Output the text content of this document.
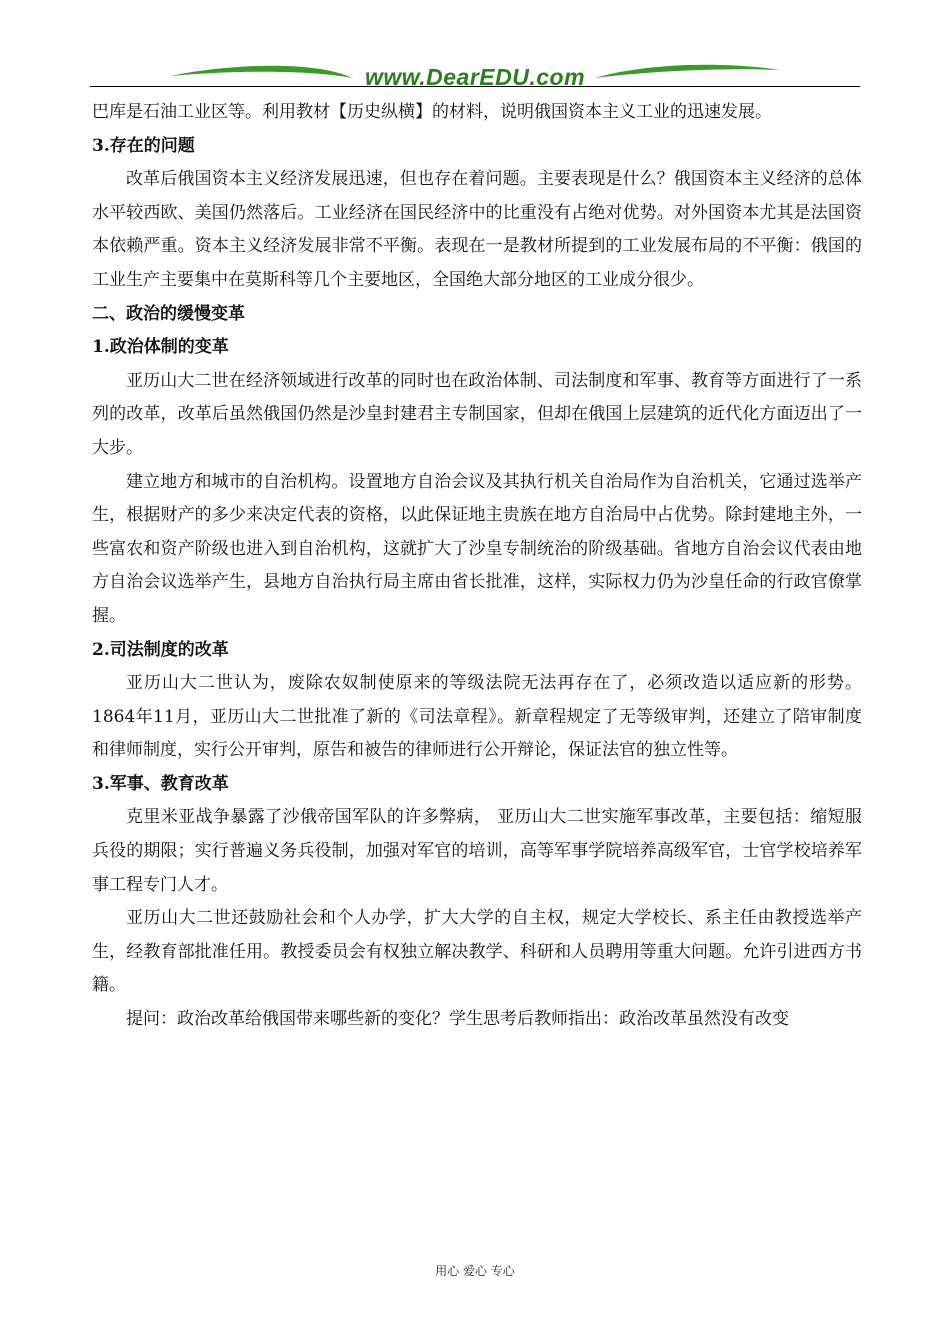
www.DearEDU.com

巴库是石油工业区等。利用教材【历史纵横】的材料，说明俄国资本主义工业的迅速发展。

3.存在的问题

改革后俄国资本主义经济发展迅速，但也存在着问题。主要表现是什么？俄国资本主义经济的总体水平较西欧、美国仍然落后。工业经济在国民经济中的比重没有占绝对优势。对外国资本尤其是法国资本依赖严重。资本主义经济发展非常不平衡。表现在一是教材所提到的工业发展布局的不平衡：俄国的工业生产主要集中在莫斯科等几个主要地区，全国绝大部分地区的工业成分很少。

二、政治的缓慢变革

1.政治体制的变革

亚历山大二世在经济领域进行改革的同时也在政治体制、司法制度和军事、教育等方面进行了一系列的改革，改革后虽然俄国仍然是沙皇封建君主专制国家，但却在俄国上层建筑的近代化方面迈出了一大步。

建立地方和城市的自治机构。设置地方自治会议及其执行机关自治局作为自治机关，它通过选举产生，根据财产的多少来决定代表的资格，以此保证地主贵族在地方自治局中占优势。除封建地主外，一些富农和资产阶级也进入到自治机构，这就扩大了沙皇专制统治的阶级基础。省地方自治会议代表由地方自治会议选举产生，县地方自治执行局主席由省长批准，这样，实际权力仍为沙皇任命的行政官僚掌握。

2.司法制度的改革

亚历山大二世认为，废除农奴制使原来的等级法院无法再存在了，必须改造以适应新的形势。1864年11月，亚历山大二世批准了新的《司法章程》。新章程规定了无等级审判，还建立了陪审制度和律师制度，实行公开审判，原告和被告的律师进行公开辩论，保证法官的独立性等。

3.军事、教育改革

克里米亚战争暴露了沙俄帝国军队的许多弊病， 亚历山大二世实施军事改革，主要包括：缩短服兵役的期限；实行普遍义务兵役制，加强对军官的培训，高等军事学院培养高级军官，士官学校培养军事工程专门人才。

亚历山大二世还鼓励社会和个人办学，扩大大学的自主权，规定大学校长、系主任由教授选举产生，经教育部批准任用。教授委员会有权独立解决教学、科研和人员聘用等重大问题。允许引进西方书籍。

提问：政治改革给俄国带来哪些新的变化？学生思考后教师指出：政治改革虽然没有改变

用心 爱心 专心
